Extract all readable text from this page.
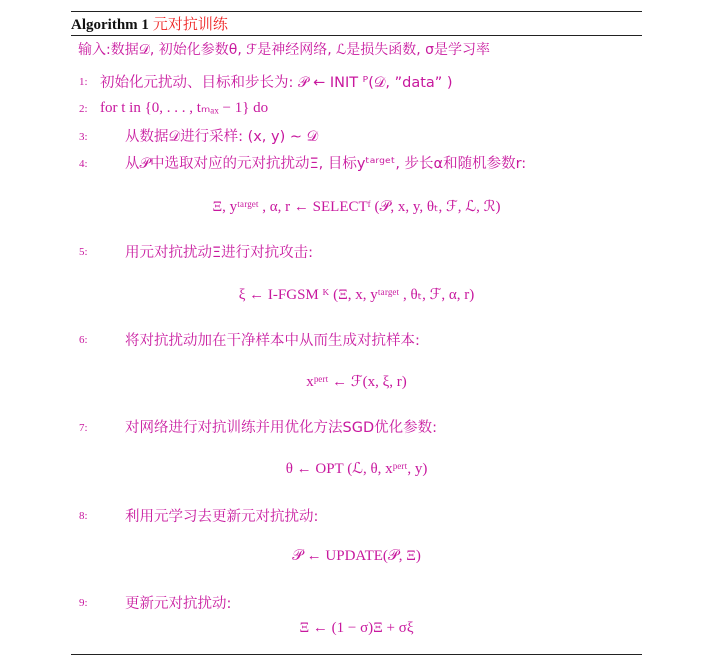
Algorithm 1 元对抗训练
输入:数据𝒟, 初始化参数θ, ℱ是神经网络, ℒ是损失函数, σ是学习率
1: 初始化元扰动、目标和步长为: 𝒫 ← INIT ᴾ(𝒟, ”data” )
2: for t in {0, . . . , tₘₐₓ − 1} do
3:	从数据𝒟进行采样: (x, y) ∼ 𝒟
4:	从𝒫中选取对应的元对抗扰动Ξ, 目标yᵗᵃʳᵍᵉᵗ, 步长α和随机参数r:
Ξ, yᵗᵃʳᵍᵉᵗ , α, r ← SELECTᶠ (𝒫, x, y, θₜ, ℱ, ℒ, ℛ)
5:	用元对抗扰动Ξ进行对抗攻击:
ξ ← I-FGSM ᴷ (Ξ, x, yᵗᵃʳᵍᵉᵗ , θₜ, ℱ, α, r)
6:	将对抗扰动加在干净样本中从而生成对抗样本:
xᵖᵉʳᵗ ← ℱ(x, ξ, r)
7:	对网络进行对抗训练并用优化方法SGD优化参数:
θ ← OPT (ℒ, θ, xᵖᵉʳᵗ, y)
8:	利用元学习去更新元对抗扰动:
𝒫 ← UPDATE(𝒫, Ξ)
9:	更新元对抗扰动:
Ξ ← (1 − σ)Ξ + σξ
